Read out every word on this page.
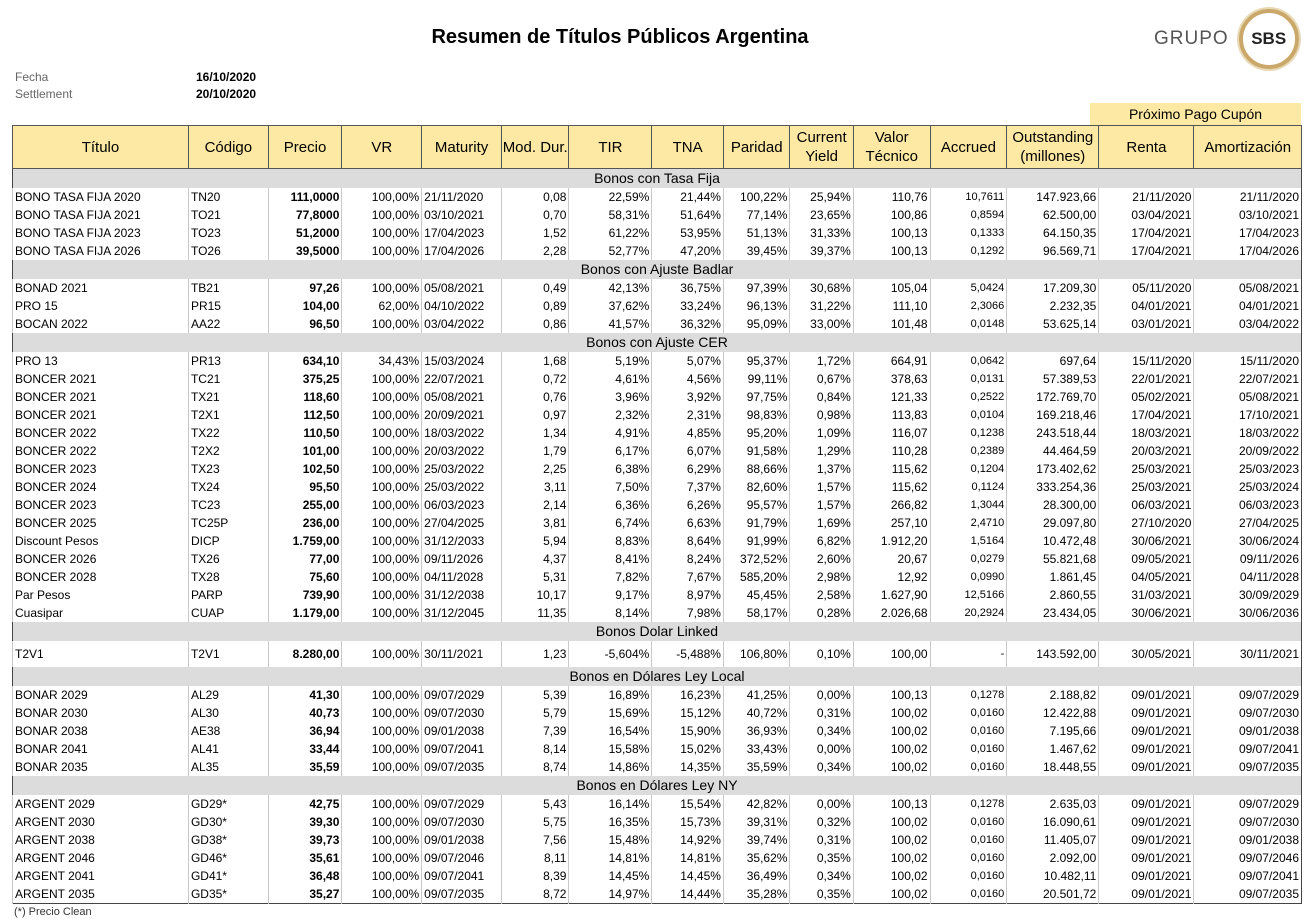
Resumen de Títulos Públicos Argentina	GRUPO SBS
Fecha	16/10/2020
Settlement	20/10/2020
Próximo Pago Cupón
Título	Código	Precio	VR	Maturity	Mod. Dur.	TIR	TNA	Paridad	Current Yield	Valor Técnico	Accrued	Outstanding (millones)	Renta	Amortización
Bonos con Tasa Fija														
BONO TASA FIJA 2020	TN20	111,0000	100,00%	21/11/2020	0,08	22,59%	21,44%	100,22%	25,94%	110,76	10,7611	147.923,66	21/11/2020	21/11/2020
BONO TASA FIJA 2021	TO21	77,8000	100,00%	03/10/2021	0,70	58,31%	51,64%	77,14%	23,65%	100,86	0,8594	62.500,00	03/04/2021	03/10/2021
BONO TASA FIJA 2023	TO23	51,2000	100,00%	17/04/2023	1,52	61,22%	53,95%	51,13%	31,33%	100,13	0,1333	64.150,35	17/04/2021	17/04/2023
BONO TASA FIJA 2026	TO26	39,5000	100,00%	17/04/2026	2,28	52,77%	47,20%	39,45%	39,37%	100,13	0,1292	96.569,71	17/04/2021	17/04/2026
Bonos con Ajuste Badlar														
BONAD 2021	TB21	97,26	100,00%	05/08/2021	0,49	42,13%	36,75%	97,39%	30,68%	105,04	5,0424	17.209,30	05/11/2020	05/08/2021
PRO 15	PR15	104,00	62,00%	04/10/2022	0,89	37,62%	33,24%	96,13%	31,22%	111,10	2,3066	2.232,35	04/01/2021	04/01/2021
BOCAN 2022	AA22	96,50	100,00%	03/04/2022	0,86	41,57%	36,32%	95,09%	33,00%	101,48	0,0148	53.625,14	03/01/2021	03/04/2022
Bonos con Ajuste CER														
PRO 13	PR13	634,10	34,43%	15/03/2024	1,68	5,19%	5,07%	95,37%	1,72%	664,91	0,0642	697,64	15/11/2020	15/11/2020
BONCER 2021	TC21	375,25	100,00%	22/07/2021	0,72	4,61%	4,56%	99,11%	0,67%	378,63	0,0131	57.389,53	22/01/2021	22/07/2021
BONCER 2021	TX21	118,60	100,00%	05/08/2021	0,76	3,96%	3,92%	97,75%	0,84%	121,33	0,2522	172.769,70	05/02/2021	05/08/2021
BONCER 2021	T2X1	112,50	100,00%	20/09/2021	0,97	2,32%	2,31%	98,83%	0,98%	113,83	0,0104	169.218,46	17/04/2021	17/10/2021
BONCER 2022	TX22	110,50	100,00%	18/03/2022	1,34	4,91%	4,85%	95,20%	1,09%	116,07	0,1238	243.518,44	18/03/2021	18/03/2022
BONCER 2022	T2X2	101,00	100,00%	20/03/2022	1,79	6,17%	6,07%	91,58%	1,29%	110,28	0,2389	44.464,59	20/03/2021	20/09/2022
BONCER 2023	TX23	102,50	100,00%	25/03/2022	2,25	6,38%	6,29%	88,66%	1,37%	115,62	0,1204	173.402,62	25/03/2021	25/03/2023
BONCER 2024	TX24	95,50	100,00%	25/03/2022	3,11	7,50%	7,37%	82,60%	1,57%	115,62	0,1124	333.254,36	25/03/2021	25/03/2024
BONCER 2023	TC23	255,00	100,00%	06/03/2023	2,14	6,36%	6,26%	95,57%	1,57%	266,82	1,3044	28.300,00	06/03/2021	06/03/2023
BONCER 2025	TC25P	236,00	100,00%	27/04/2025	3,81	6,74%	6,63%	91,79%	1,69%	257,10	2,4710	29.097,80	27/10/2020	27/04/2025
Discount Pesos	DICP	1.759,00	100,00%	31/12/2033	5,94	8,83%	8,64%	91,99%	6,82%	1.912,20	1,5164	10.472,48	30/06/2021	30/06/2024
BONCER 2026	TX26	77,00	100,00%	09/11/2026	4,37	8,41%	8,24%	372,52%	2,60%	20,67	0,0279	55.821,68	09/05/2021	09/11/2026
BONCER 2028	TX28	75,60	100,00%	04/11/2028	5,31	7,82%	7,67%	585,20%	2,98%	12,92	0,0990	1.861,45	04/05/2021	04/11/2028
Par Pesos	PARP	739,90	100,00%	31/12/2038	10,17	9,17%	8,97%	45,45%	2,58%	1.627,90	12,5166	2.860,55	31/03/2021	30/09/2029
Cuasipar	CUAP	1.179,00	100,00%	31/12/2045	11,35	8,14%	7,98%	58,17%	0,28%	2.026,68	20,2924	23.434,05	30/06/2021	30/06/2036
Bonos Dolar Linked														
T2V1	T2V1	8.280,00	100,00%	30/11/2021	1,23	-5,604%	-5,488%	106,80%	0,10%	100,00	-	143.592,00	30/05/2021	30/11/2021
Bonos en Dólares Ley Local														
BONAR 2029	AL29	41,30	100,00%	09/07/2029	5,39	16,89%	16,23%	41,25%	0,00%	100,13	0,1278	2.188,82	09/01/2021	09/07/2029
BONAR 2030	AL30	40,73	100,00%	09/07/2030	5,79	15,69%	15,12%	40,72%	0,31%	100,02	0,0160	12.422,88	09/01/2021	09/07/2030
BONAR 2038	AE38	36,94	100,00%	09/01/2038	7,39	16,54%	15,90%	36,93%	0,34%	100,02	0,0160	7.195,66	09/01/2021	09/01/2038
BONAR 2041	AL41	33,44	100,00%	09/07/2041	8,14	15,58%	15,02%	33,43%	0,00%	100,02	0,0160	1.467,62	09/01/2021	09/07/2041
BONAR 2035	AL35	35,59	100,00%	09/07/2035	8,74	14,86%	14,35%	35,59%	0,34%	100,02	0,0160	18.448,55	09/01/2021	09/07/2035
Bonos en Dólares Ley NY														
ARGENT 2029	GD29*	42,75	100,00%	09/07/2029	5,43	16,14%	15,54%	42,82%	0,00%	100,13	0,1278	2.635,03	09/01/2021	09/07/2029
ARGENT 2030	GD30*	39,30	100,00%	09/07/2030	5,75	16,35%	15,73%	39,31%	0,32%	100,02	0,0160	16.090,61	09/01/2021	09/07/2030
ARGENT 2038	GD38*	39,73	100,00%	09/01/2038	7,56	15,48%	14,92%	39,74%	0,31%	100,02	0,0160	11.405,07	09/01/2021	09/01/2038
ARGENT 2046	GD46*	35,61	100,00%	09/07/2046	8,11	14,81%	14,81%	35,62%	0,35%	100,02	0,0160	2.092,00	09/01/2021	09/07/2046
ARGENT 2041	GD41*	36,48	100,00%	09/07/2041	8,39	14,45%	14,45%	36,49%	0,34%	100,02	0,0160	10.482,11	09/01/2021	09/07/2041
ARGENT 2035	GD35*	35,27	100,00%	09/07/2035	8,72	14,97%	14,44%	35,28%	0,35%	100,02	0,0160	20.501,72	09/01/2021	09/07/2035
(*) Precio Clean
